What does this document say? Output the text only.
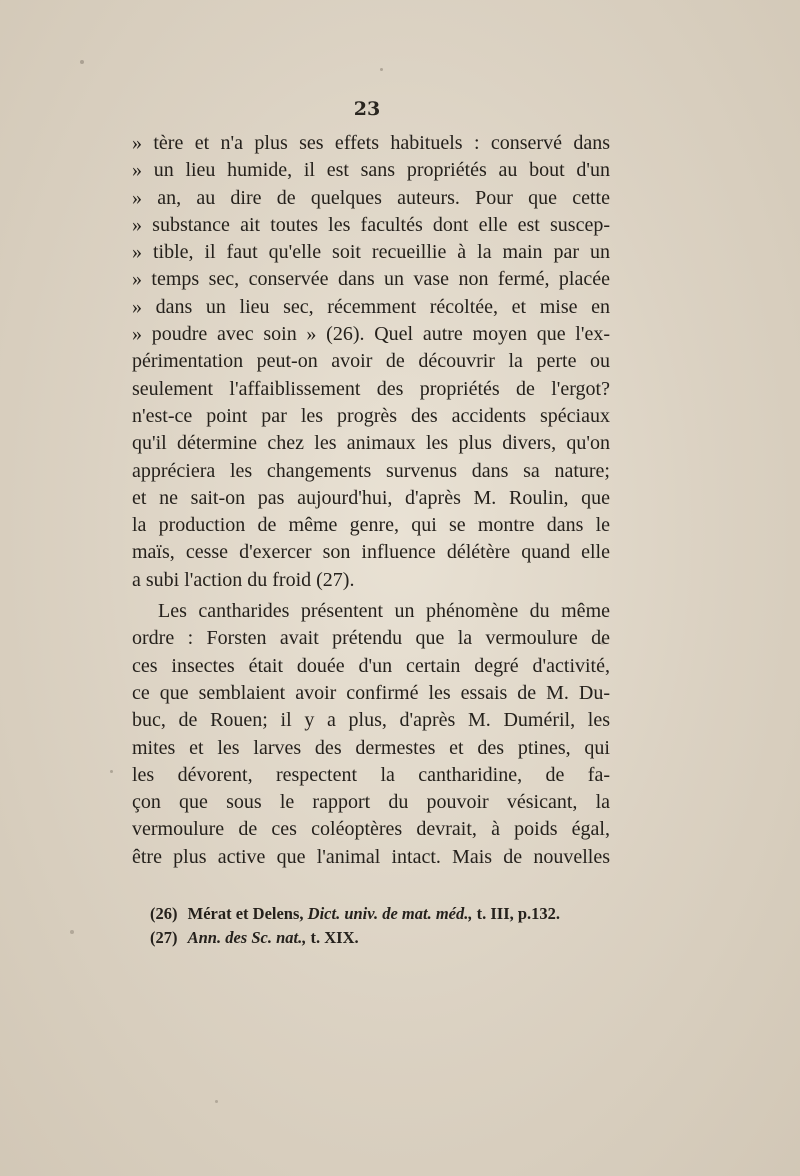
23
» tère et n'a plus ses effets habituels : conservé dans
» un lieu humide, il est sans propriétés au bout d'un
» an, au dire de quelques auteurs. Pour que cette
» substance ait toutes les facultés dont elle est suscep-
» tible, il faut qu'elle soit recueillie à la main par un
» temps sec, conservée dans un vase non fermé, placée
» dans un lieu sec, récemment récoltée, et mise en
» poudre avec soin » (26). Quel autre moyen que l'ex-
périmentation peut-on avoir de découvrir la perte ou
seulement l'affaiblissement des propriétés de l'ergot?
n'est-ce point par les progrès des accidents spéciaux
qu'il détermine chez les animaux les plus divers, qu'on
appréciera les changements survenus dans sa nature;
et ne sait-on pas aujourd'hui, d'après M. Roulin, que
la production de même genre, qui se montre dans le
maïs, cesse d'exercer son influence délétère quand elle
a subi l'action du froid (27).
Les cantharides présentent un phénomène du même
ordre : Forsten avait prétendu que la vermoulure de
ces insectes était douée d'un certain degré d'activité,
ce que semblaient avoir confirmé les essais de M. Du-
buc, de Rouen; il y a plus, d'après M. Duméril, les
mites et les larves des dermestes et des ptines, qui
les dévorent, respectent la cantharidine, de fa-
çon que sous le rapport du pouvoir vésicant, la
vermoulure de ces coléoptères devrait, à poids égal,
être plus active que l'animal intact. Mais de nouvelles
(26) Mérat et Delens, Dict. univ. de mat. méd., t. III, p.132.
(27) Ann. des Sc. nat., t. XIX.
